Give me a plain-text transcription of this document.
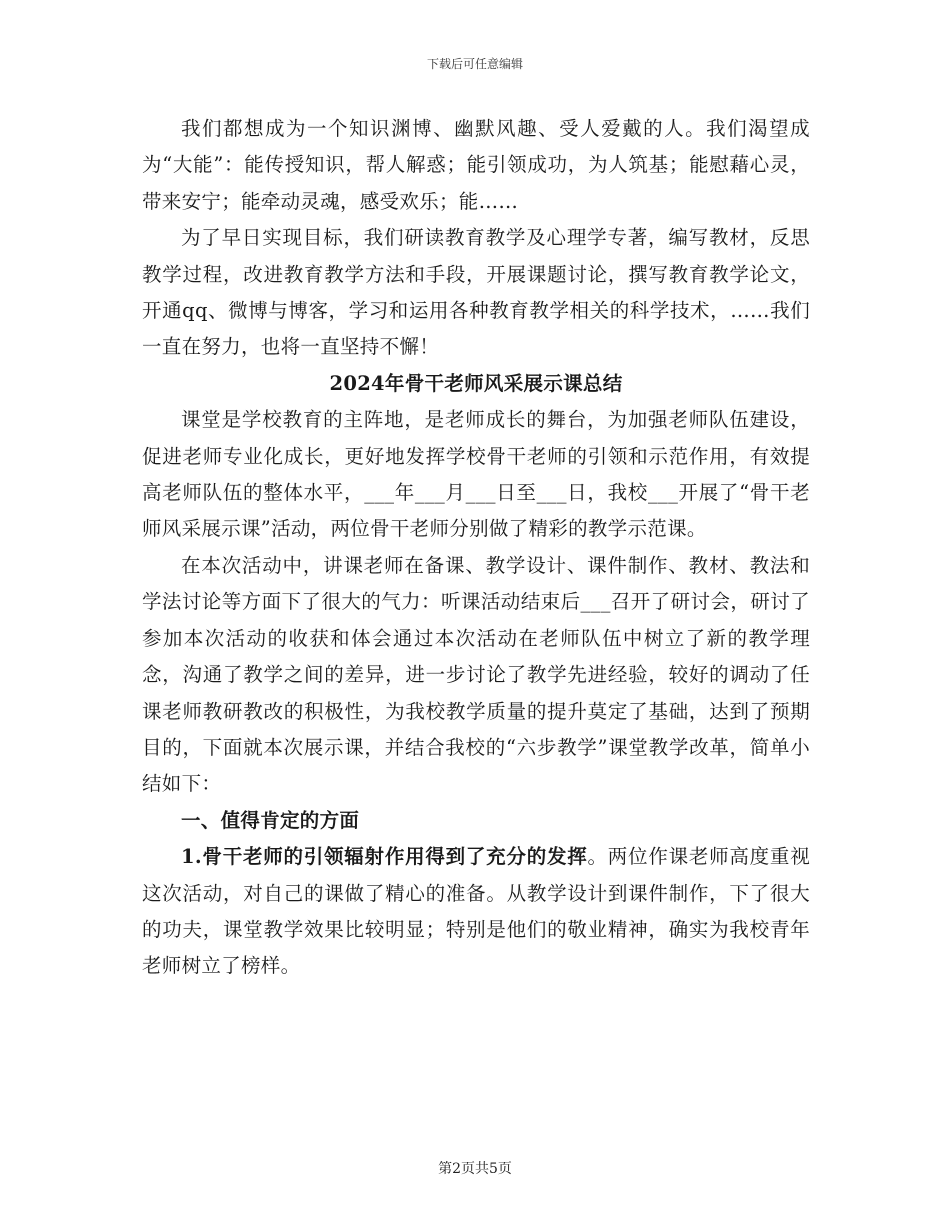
下载后可任意编辑

我们都想成为一个知识渊博、幽默风趣、受人爱戴的人。我们渴望成为“大能”：能传授知识，帮人解惑；能引领成功，为人筑基；能慰藉心灵，带来安宁；能牵动灵魂，感受欢乐；能……

为了早日实现目标，我们研读教育教学及心理学专著，编写教材，反思教学过程，改进教育教学方法和手段，开展课题讨论，撰写教育教学论文，开通qq、微博与博客，学习和运用各种教育教学相关的科学技术，……我们一直在努力，也将一直坚持不懈！

2024年骨干老师风采展示课总结

课堂是学校教育的主阵地，是老师成长的舞台，为加强老师队伍建设，促进老师专业化成长，更好地发挥学校骨干老师的引领和示范作用，有效提高老师队伍的整体水平，___年___月___日至___日，我校___开展了“骨干老师风采展示课”活动，两位骨干老师分别做了精彩的教学示范课。

在本次活动中，讲课老师在备课、教学设计、课件制作、教材、教法和学法讨论等方面下了很大的气力：听课活动结束后___召开了研讨会，研讨了参加本次活动的收获和体会通过本次活动在老师队伍中树立了新的教学理念，沟通了教学之间的差异，进一步讨论了教学先进经验，较好的调动了任课老师教研教改的积极性，为我校教学质量的提升莫定了基础，达到了预期目的，下面就本次展示课，并结合我校的“六步教学”课堂教学改革，简单小结如下：

一、值得肯定的方面

1.骨干老师的引领辐射作用得到了充分的发挥。两位作课老师高度重视这次活动，对自己的课做了精心的准备。从教学设计到课件制作，下了很大的功夫，课堂教学效果比较明显；特别是他们的敬业精神，确实为我校青年老师树立了榜样。

第2页共5页
